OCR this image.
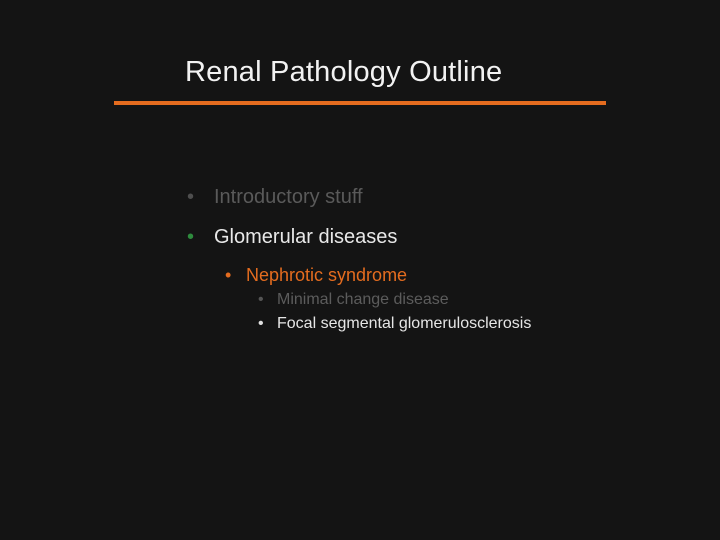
Renal Pathology Outline
• Introductory stuff
• Glomerular diseases
• Nephrotic syndrome
• Minimal change disease
• Focal segmental glomerulosclerosis
